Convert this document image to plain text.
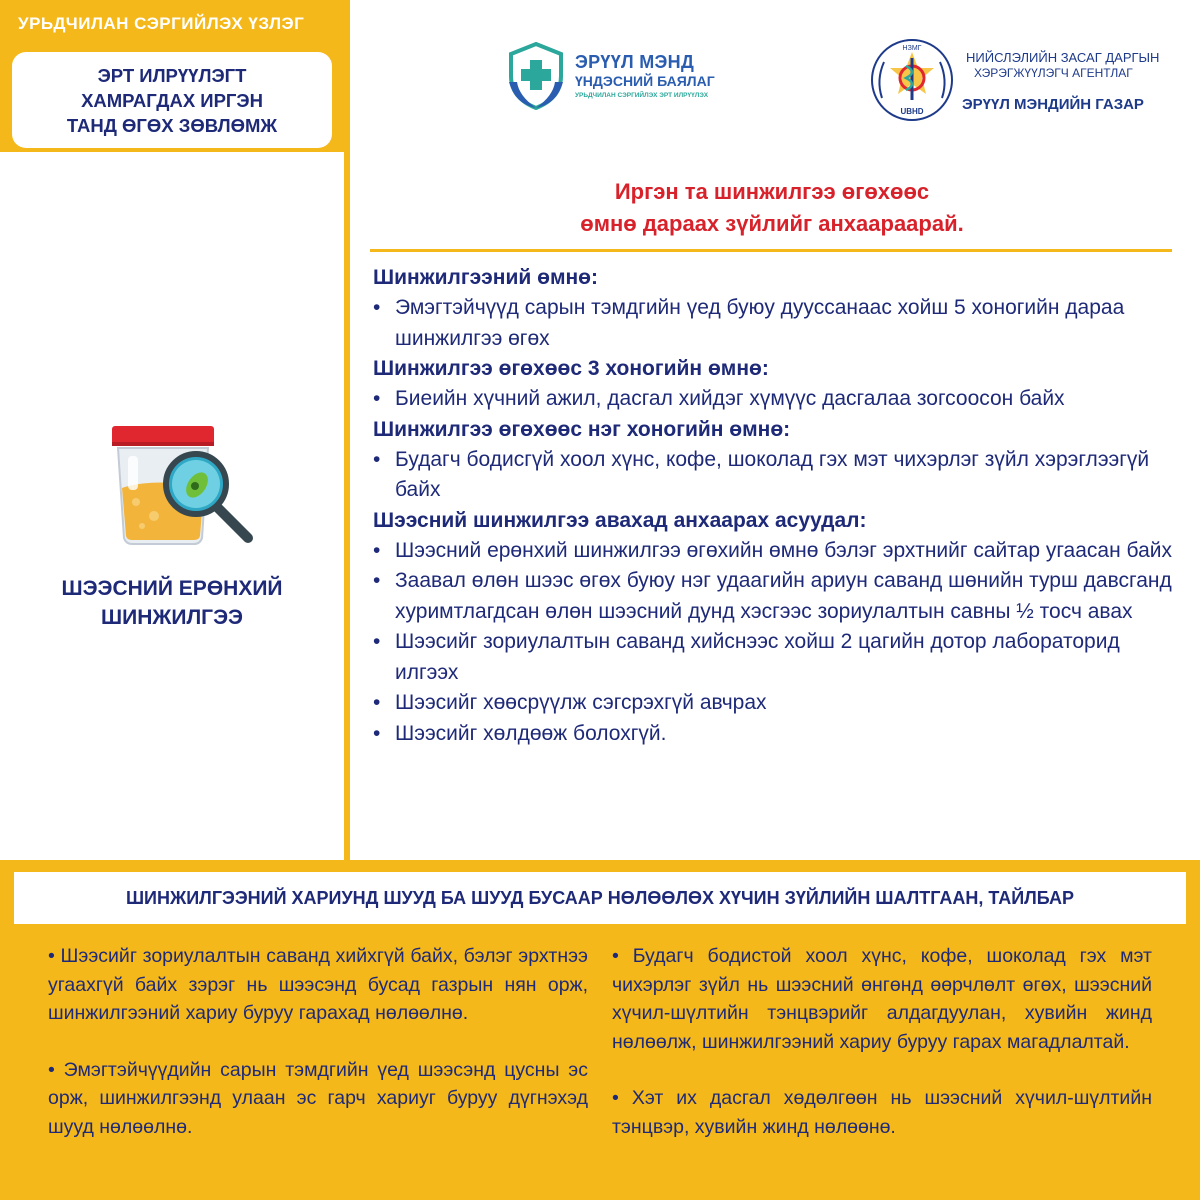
УРЬДЧИЛАН СЭРГИЙЛЭХ ҮЗЛЭГ
ЭРТ ИЛРҮҮЛЭГТ
ХАМРАГДАХ ИРГЭН
ТАНД ӨГӨХ ЗӨВЛӨМЖ
ШЭЭСНИЙ ЕРӨНХИЙ
ШИНЖИЛГЭЭ
ЭРҮҮЛ МЭНД
ҮНДЭСНИЙ БАЯЛАГ
УРЬДЧИЛАН СЭРГИЙЛЭХ ЭРТ ИЛРҮҮЛЭХ
НЗМГ
UBHD
НИЙСЛЭЛИЙН ЗАСАГ ДАРГЫН
ХЭРЭГЖҮҮЛЭГЧ АГЕНТЛАГ
ЭРҮҮЛ МЭНДИЙН ГАЗАР
Иргэн та шинжилгээ өгөхөөс
өмнө дараах зүйлийг анхаараарай.
Шинжилгээний өмнө:
• Эмэгтэйчүүд сарын тэмдгийн үед буюу дууссанаас хойш 5 хоногийн дараа шинжилгээ өгөх
Шинжилгээ өгөхөөс 3 хоногийн өмнө:
• Биеийн хүчний ажил, дасгал хийдэг хүмүүс дасгалаа зогсоосон байх
Шинжилгээ өгөхөөс нэг хоногийн өмнө:
• Будагч бодисгүй хоол хүнс, кофе, шоколад гэх мэт чихэрлэг зүйл хэрэглээгүй байх
Шээсний шинжилгээ авахад анхаарах асуудал:
• Шээсний ерөнхий шинжилгээ өгөхийн өмнө бэлэг эрхтнийг сайтар угаасан байх
• Заавал өлөн шээс өгөх буюу нэг удаагийн ариун саванд шөнийн турш давсганд хуримтлагдсан өлөн шээсний дунд хэсгээс зориулалтын савны ½ тосч авах
• Шээсийг зориулалтын саванд хийснээс хойш 2 цагийн дотор лабораторид илгээх
• Шээсийг хөөсрүүлж сэгсрэхгүй авчрах
• Шээсийг хөлдөөж болохгүй.
ШИНЖИЛГЭЭНИЙ ХАРИУНД ШУУД БА ШУУД БУСААР НӨЛӨӨЛӨХ ХҮЧИН ЗҮЙЛИЙН ШАЛТГААН, ТАЙЛБАР

• Шээсийг зориулалтын саванд хийхгүй байх, бэлэг эрхтнээ угаахгүй байх зэрэг нь шээсэнд бусад газрын нян орж, шинжилгээний хариу буруу гарахад нөлөөлнө.

• Эмэгтэйчүүдийн сарын тэмдгийн үед шээсэнд цусны эс орж, шинжилгээнд улаан эс гарч хариуг буруу дүгнэхэд шууд нөлөөлнө.

• Будагч бодистой хоол хүнс, кофе, шоколад гэх мэт чихэрлэг зүйл нь шээсний өнгөнд өөрчлөлт өгөх, шээсний хүчил-шүлтийн тэнцвэрийг алдагдуулан, хувийн жинд нөлөөлж, шинжилгээний хариу буруу гарах магадлалтай.

• Хэт их дасгал хөдөлгөөн нь шээсний хүчил-шүлтийн тэнцвэр, хувийн жинд нөлөөнө.
